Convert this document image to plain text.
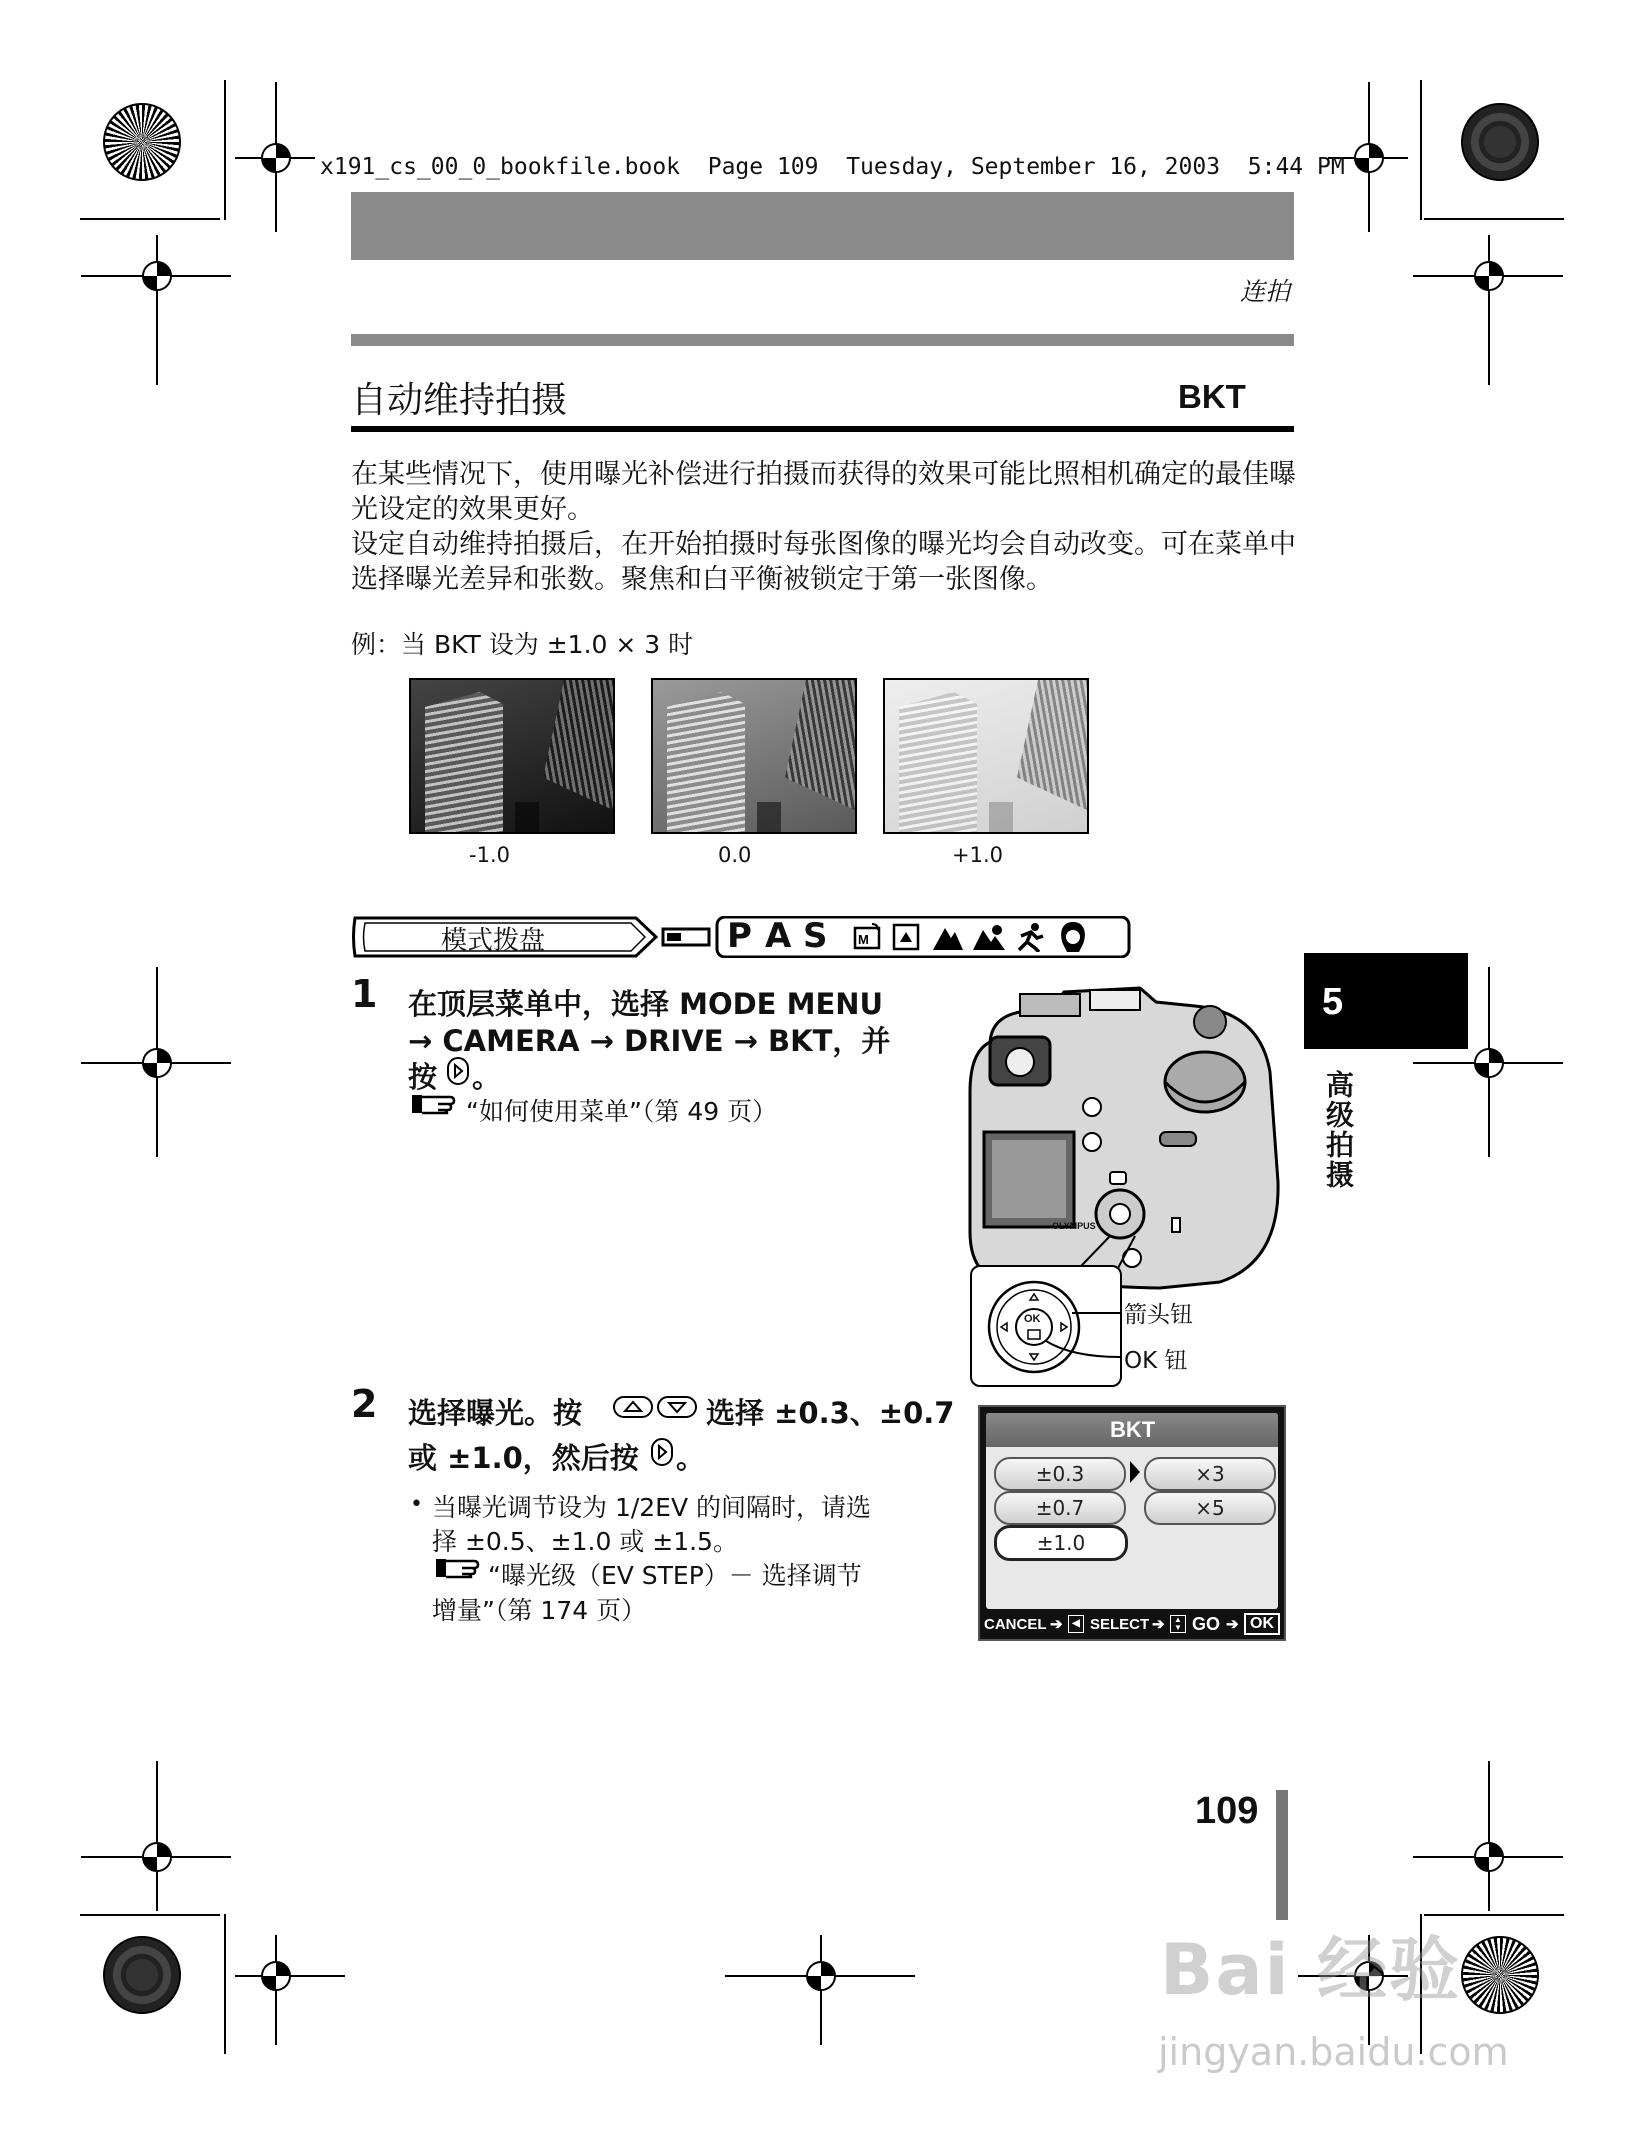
x191_cs_00_0_bookfile.book  Page 109  Tuesday, September 16, 2003  5:44 PM
连拍
自动维持拍摄	BKT
在某些情况下，使用曝光补偿进行拍摄而获得的效果可能比照相机确定的最佳曝光设定的效果更好。
设定自动维持拍摄后，在开始拍摄时每张图像的曝光均会自动改变。可在菜单中选择曝光差异和张数。聚焦和白平衡被锁定于第一张图像。
例：当 BKT 设为 ±1.0 × 3 时
-1.0	0.0	+1.0
模式拨盘	P A S M
1 在顶层菜单中，选择 MODE MENU
→ CAMERA → DRIVE → BKT，并
按 。
“如何使用菜单”（第 49 页）
OLYMPUS
OK	箭头钮
OK 钮
2 选择曝光。按	选择 ±0.3、±0.7
或 ±1.0，然后按 。
• 当曝光调节设为 1/2EV 的间隔时，请选
择 ±0.5、±1.0 或 ±1.5。
“曝光级（EV STEP）－ 选择调节
增量”（第 174 页）
BKT
±0.3
±0.7
±1.0
×3
×5
CANCEL ➔ ◀ SELECT ➔	▲
▼ GO ➔ OK
5
高级拍摄
109
Bai 经验
jingyan.baidu.com
